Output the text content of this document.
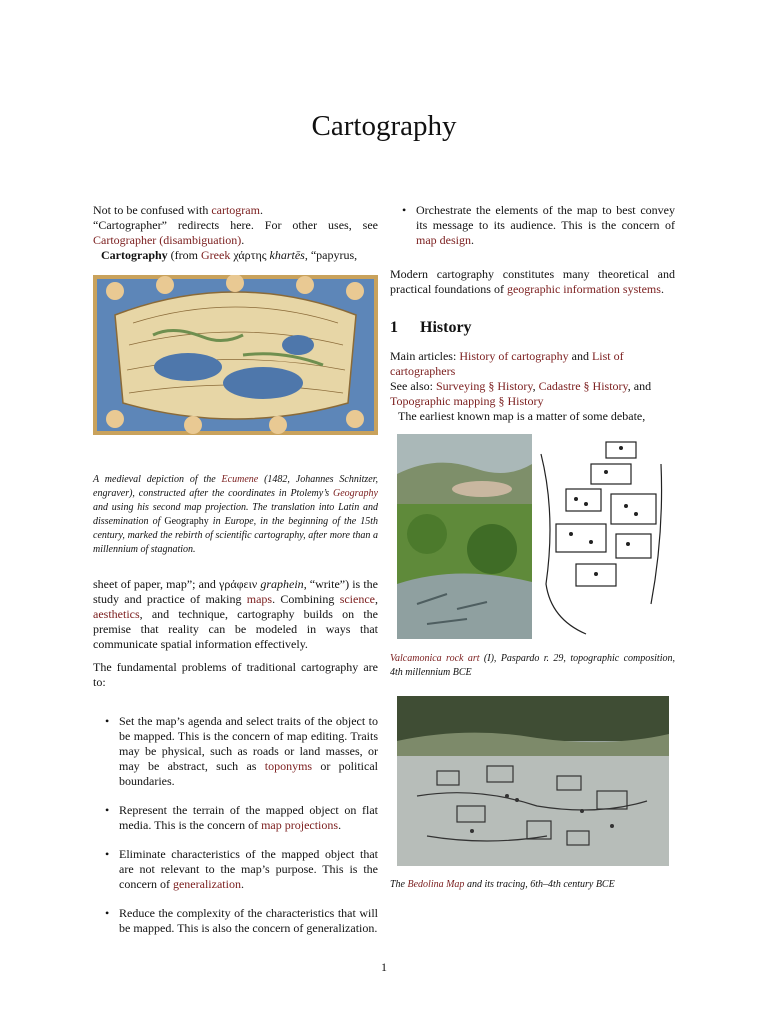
Cartography

Not to be confused with cartogram.

“Cartographer” redirects here. For other uses, see Cartographer (disambiguation).

Cartography (from Greek χάρτης khartēs, “papyrus,

A medieval depiction of the Ecumene (1482, Johannes Schnitzer, engraver), constructed after the coordinates in Ptolemy’s Geography and using his second map projection. The translation into Latin and dissemination of Geography in Europe, in the beginning of the 15th century, marked the rebirth of scientific cartography, after more than a millennium of stagnation.

sheet of paper, map”; and γράφειν graphein, “write”) is the study and practice of making maps. Combining science, aesthetics, and technique, cartography builds on the premise that reality can be modeled in ways that communicate spatial information effectively.

The fundamental problems of traditional cartography are to:

• Set the map’s agenda and select traits of the object to be mapped. This is the concern of map editing. Traits may be physical, such as roads or land masses, or may be abstract, such as toponyms or political boundaries.
• Represent the terrain of the mapped object on flat media. This is the concern of map projections.
• Eliminate characteristics of the mapped object that are not relevant to the map’s purpose. This is the concern of generalization.
• Reduce the complexity of the characteristics that will be mapped. This is also the concern of generalization.
• Orchestrate the elements of the map to best convey its message to its audience. This is the concern of map design.

Modern cartography constitutes many theoretical and practical foundations of geographic information systems.

1 History

Main articles: History of cartography and List of cartographers

See also: Surveying § History, Cadastre § History, and Topographic mapping § History

The earliest known map is a matter of some debate,

Valcamonica rock art (I), Paspardo r. 29, topographic composition, 4th millennium BCE

The Bedolina Map and its tracing, 6th–4th century BCE

1
